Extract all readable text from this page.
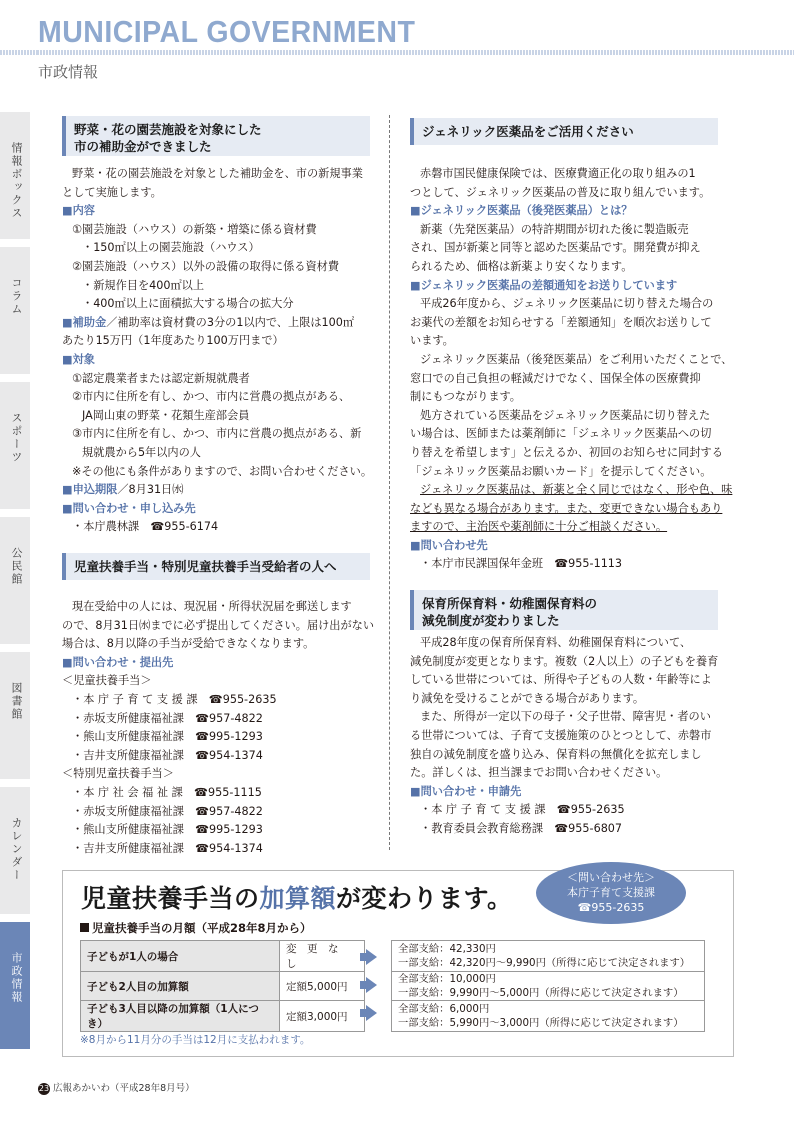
MUNICIPAL GOVERNMENT
市政情報
情報ボックス
コラム
スポーツ
公民館
図書館
カレンダー
市政情報
野菜・花の園芸施設を対象にした
市の補助金ができました
野菜・花の園芸施設を対象とした補助金を、市の新規事業
として実施します。
■内容
①園芸施設（ハウス）の新築・増築に係る資材費
・150㎡以上の園芸施設（ハウス）
②園芸施設（ハウス）以外の設備の取得に係る資材費
・新規作目を400㎡以上
・400㎡以上に面積拡大する場合の拡大分
■補助金／補助率は資材費の3分の1以内で、上限は100㎡
あたり15万円（1年度あたり100万円まで）
■対象
①認定農業者または認定新規就農者
②市内に住所を有し、かつ、市内に営農の拠点がある、
JA岡山東の野菜・花類生産部会員
③市内に住所を有し、かつ、市内に営農の拠点がある、新
規就農から5年以内の人
※その他にも条件がありますので、お問い合わせください。
■申込期限／8月31日㈬
■問い合わせ・申し込み先
・本庁農林課　☎955-6174
児童扶養手当・特別児童扶養手当受給者の人へ
現在受給中の人には、現況届・所得状況届を郵送します
ので、8月31日㈬までに必ず提出してください。届け出がない
場合は、8月以降の手当が受給できなくなります。
■問い合わせ・提出先
＜児童扶養手当＞
・本 庁 子 育 て 支 援 課　☎955-2635
・赤坂支所健康福祉課　☎957-4822
・熊山支所健康福祉課　☎995-1293
・吉井支所健康福祉課　☎954-1374
＜特別児童扶養手当＞
・本 庁 社 会 福 祉 課　☎955-1115
・赤坂支所健康福祉課　☎957-4822
・熊山支所健康福祉課　☎995-1293
・吉井支所健康福祉課　☎954-1374
ジェネリック医薬品をご活用ください
赤磐市国民健康保険では、医療費適正化の取り組みの1
つとして、ジェネリック医薬品の普及に取り組んでいます。
■ジェネリック医薬品（後発医薬品）とは？
新薬（先発医薬品）の特許期間が切れた後に製造販売
され、国が新薬と同等と認めた医薬品です。開発費が抑え
られるため、価格は新薬より安くなります。
■ジェネリック医薬品の差額通知をお送りしています
平成26年度から、ジェネリック医薬品に切り替えた場合の
お薬代の差額をお知らせする「差額通知」を順次お送りして
います。
ジェネリック医薬品（後発医薬品）をご利用いただくことで、
窓口での自己負担の軽減だけでなく、国保全体の医療費抑
制にもつながります。
処方されている医薬品をジェネリック医薬品に切り替えた
い場合は、医師または薬剤師に「ジェネリック医薬品への切
り替えを希望します」と伝えるか、初回のお知らせに同封する
「ジェネリック医薬品お願いカード」を提示してください。
ジェネリック医薬品は、新薬と全く同じではなく、形や色、味
なども異なる場合があります。また、変更できない場合もあり
ますので、主治医や薬剤師に十分ご相談ください。
■問い合わせ先
・本庁市民課国保年金班　☎955-1113
保育所保育料・幼稚園保育料の
減免制度が変わりました
平成28年度の保育所保育料、幼稚園保育料について、
減免制度が変更となります。複数（2人以上）の子どもを養育
している世帯については、所得や子どもの人数・年齢等によ
り減免を受けることができる場合があります。
また、所得が一定以下の母子・父子世帯、障害児・者のい
る世帯については、子育て支援施策のひとつとして、赤磐市
独自の減免制度を盛り込み、保育料の無償化を拡充しまし
た。詳しくは、担当課までお問い合わせください。
■問い合わせ・申請先
・本 庁 子 育 て 支 援 課　☎955-2635
・教育委員会教育総務課　☎955-6807
児童扶養手当の加算額が変わります。
＜問い合わせ先＞
本庁子育て支援課
☎955-2635
児童扶養手当の月額（平成28年8月から）
子どもが1人の場合	変　更　な　し		全部支給：42,330円
一部支給：42,320円～9,990円（所得に応じて決定されます）

子ども2人目の加算額	定額5,000円		全部支給：10,000円
一部支給：9,990円～5,000円（所得に応じて決定されます）

子ども3人目以降の加算額（1人につき）	定額3,000円		全部支給：6,000円
一部支給：5,990円～3,000円（所得に応じて決定されます）
※8月から11月分の手当は12月に支払われます。
23 広報あかいわ（平成28年8月号）
